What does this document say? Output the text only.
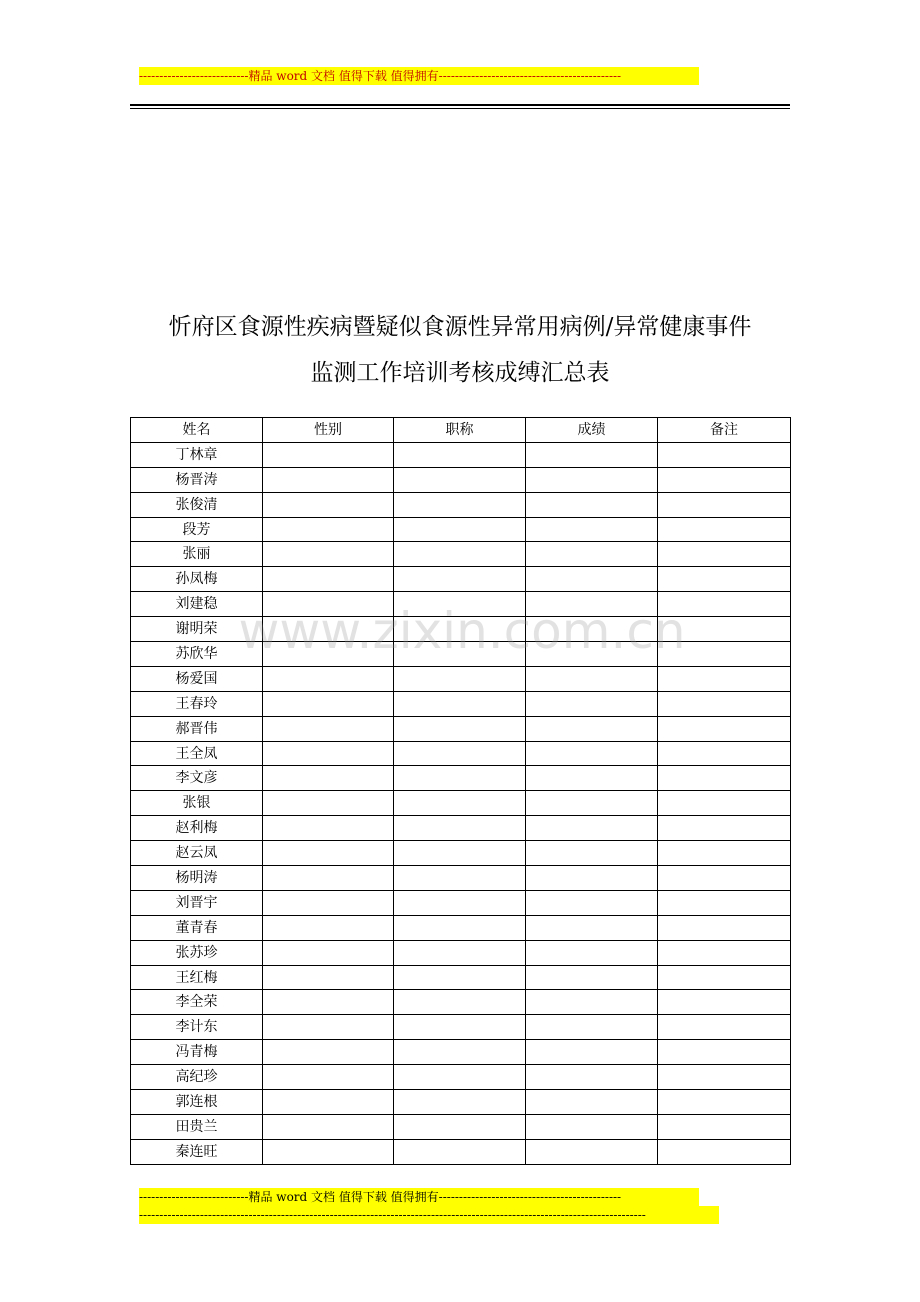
---------------------------精品 word 文档 值得下载 值得拥有---------------------------------------------
忻府区食源性疾病暨疑似食源性异常用病例/异常健康事件
监测工作培训考核成缚汇总表
姓名	性别	职称	成绩	备注
丁林章				
杨晋涛				
张俊清				
段芳				
张丽				
孙凤梅				
刘建稳				
谢明荣				
苏欣华				
杨爱国				
王春玲				
郝晋伟				
王全凤				
李文彦				
张银				
赵利梅				
赵云凤				
杨明涛				
刘晋宇				
董青春				
张苏珍				
王红梅				
李全荣				
李计东				
冯青梅				
高纪珍				
郭连根				
田贵兰				
秦连旺				
www.zixin.com.cn
---------------------------精品 word 文档 值得下载 值得拥有---------------------------------------------
-----------------------------------------------------------------------------------------------------------------------------
